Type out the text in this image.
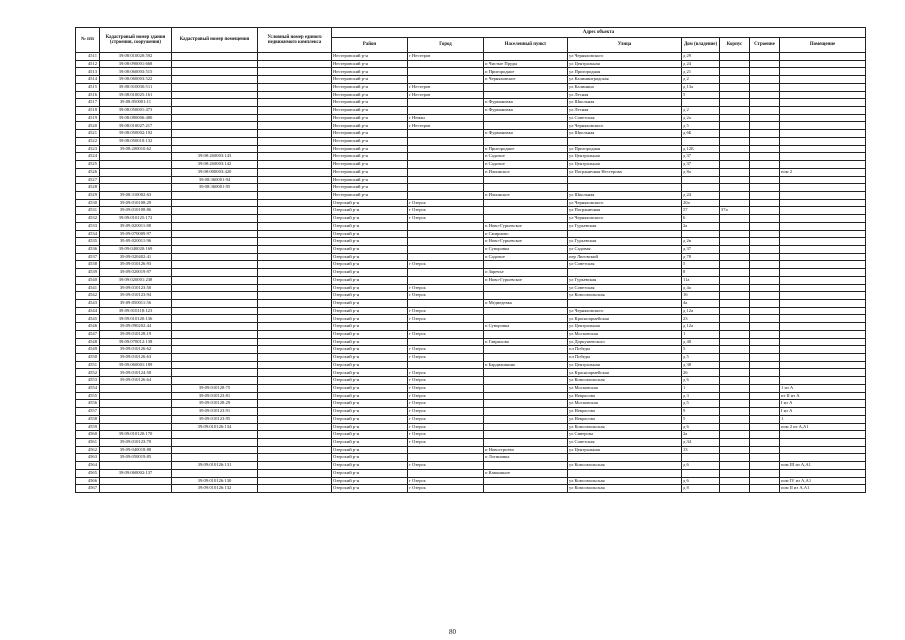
№ п/п	Кадастровый номер здания (строения, сооружения)	Кадастровый номер помещения	Условный номер единого недвижимого комплекса	Адрес объекта							
				Район	Город	Населенный пункт	Улица	Дом (владение)	Корпус	Строение	Помещение
4511	39:08:010020:592			Нестеровский р-н	г Нестеров		ул Черняховского	д 29			
4512	39:08:090001:668			Нестеровский р-н		п Чистые Пруды	ул Центральная	д 24			
4513	39:08:060003:515			Нестеровский р-н		п Пригородное	ул Пригородная	д 21			
4514	39:08:060003:522			Нестеровский р-н		п Черняховское	ул Калининградская	д 2			
4515	39:08:010030:511			Нестеровский р-н	г Нестеров		ул Калинина	д 13а			
4516	39:08:010025:161			Нестеровский р-н	г Нестеров		ул Лесная	5			
4517	39:08:050001:11			Нестеровский р-н		п Фурмановка	ул Школьная				
4518	39:08:050001:473			Нестеровский р-н		п Фурмановка	ул Лесная	д 2			
4519	39:08:080006:480			Нестеровский р-н	г Неман		ул Советская	д 2а			
4520	39:08:010027:217			Нестеровский р-н	г Нестеров		ул Черняховского	д 5			
4521	39:08:050002:192			Нестеровский р-н		п Фурмановка	ул Школьная	д 6Б			
4522	39:08:050010:132			Нестеровский р-н							
4523	39:08:200010:62			Нестеровский р-н		п Пригородное	ул Пригородная	д 12Б			
4524		39:08:260003:143		Нестеровский р-н		п Садовое	ул Центральная	д 37			
4525		39:08:260003:142		Нестеровский р-н		п Садовое	ул Центральная	д 37			
4526		39:08:000003:420		Нестеровский р-н		п Ильинское	ул Пограничная Нестерова	д 8а			пом 2
4527		39:08:360001:94		Нестеровский р-н							
4528		39:08:360001:95		Нестеровский р-н							
4529	39:08:310002:63			Нестеровский р-н		п Ильинское	ул Школьная	д 24			
4530	39:09:010108:29			Озерский р-н	г Озерск		ул Черняховского	20а			
4531	39:09:010108:86			Озерский р-н	г Озерск		ул Пограничная	57	37а		
4532	39:09:010125:172			Озерский р-н	г Озерск		ул Черняховского	6			
4533	39:09:020011:88			Озерский р-н		п Ново-Гурьевское	ул Гурьевская	2а			
4534	39:09:070009:97			Озерский р-н		п Смирново					
4535	39:09:020011:96			Озерский р-н		п Ново-Гурьевское	ул Гурьевская	д 2в			
4536	39:09:040020:169			Озерский р-н		п Суворовка	ул Садовая	д 37			
4537	39:09:020402:41			Озерский р-н		п Садовое	пер Лиговский	д 78			
4538	39:09:010126:93			Озерский р-н	г Озерск		ул Советская	5			
4539	39:09:020019:97			Озерский р-н		п Заречье		8			
4540	39:09:020001:238			Озерский р-н		п Ново-Гурьевское	ул Гурьевская	11а			
4541	39:09:010123:50			Озерский р-н	г Озерск		ул Советская	д 4а			
4542	39:09:010123:94			Озерский р-н	г Озерск		ул Комсомольская	16			
4543	39:09:050011:56			Озерский р-н		п Медведевка		4а			
4544	39:09:010118:123			Озерский р-н	г Озерск		ул Черняховского	д 12а			
4545	39:09:010120:136			Озерский р-н	г Озерск		ул Красноармейская	23			
4546	39:09:090202:44			Озерский р-н		п Суворовка	ул Центральная	д 12а			
4547	39:09:010128:19			Озерский р-н	г Озерск		ул Московская	1			
4548	39:09:070012:138			Озерский р-н		п Гаврилово	ул Доркушевского	д 48			
4549	39:09:010126:62			Озерский р-н	г Озерск		пл Победы	5			
4550	39:09:010126:63			Озерский р-н	г Озерск		пл Победы	д 5			
4551	39:09:060001:189			Озерский р-н		п Бардиашкино	ул Центральная	д 38			
4552	39:09:010124:58			Озерский р-н	г Озерск		ул Красноармейская	26			
4553	39:09:010126:64			Озерский р-н	г Озерск		ул Комсомольская	д 6			
4554		39:09:010128:75		Озерский р-н	г Озерск		ул Московская	1			1 из А
4555		39:09:010123:81		Озерский р-н	г Озерск		ул Некрасова	д 3			пт II из А
4556		39:09:010128:29		Озерский р-н	г Озерск		ул Московская	д 5			I из А
4557		39:09:010123:91		Озерский р-н	г Озерск		ул Некрасова	9			I из А
4558		39:09:010123:95		Озерский р-н	г Озерск		ул Некрасова	5			1
4559		39:09:010126:134		Озерский р-н	г Озерск		ул Комсомольская	д 6			пом 2 из А,А1
4560	39:09:010120:170			Озерский р-н	г Озерск		ул Сиверова	2а			
4561	39:09:010123:70			Озерский р-н	г Озерск		ул Советская	д 34			
4562	39:09:040018:88			Озерский р-н		п Новостроево	ул Центральная	13			
4563	39:09:050019:85			Озерский р-н		п Логиновка					
4564		39:09:010126:131		Озерский р-н	г Озерск		ул Комсомольская	д 6			пом III из А,А1
4565	39:09:060002:137			Озерский р-н		п Камышное					
4566		39:09:010126:130		Озерский р-н	г Озерск		ул Комсомольская	д 6			пом IV из А,А1
4567		39:09:010126:132		Озерский р-н	г Озерск		ул Комсомольская	д 8			пом II из А,А1
80
